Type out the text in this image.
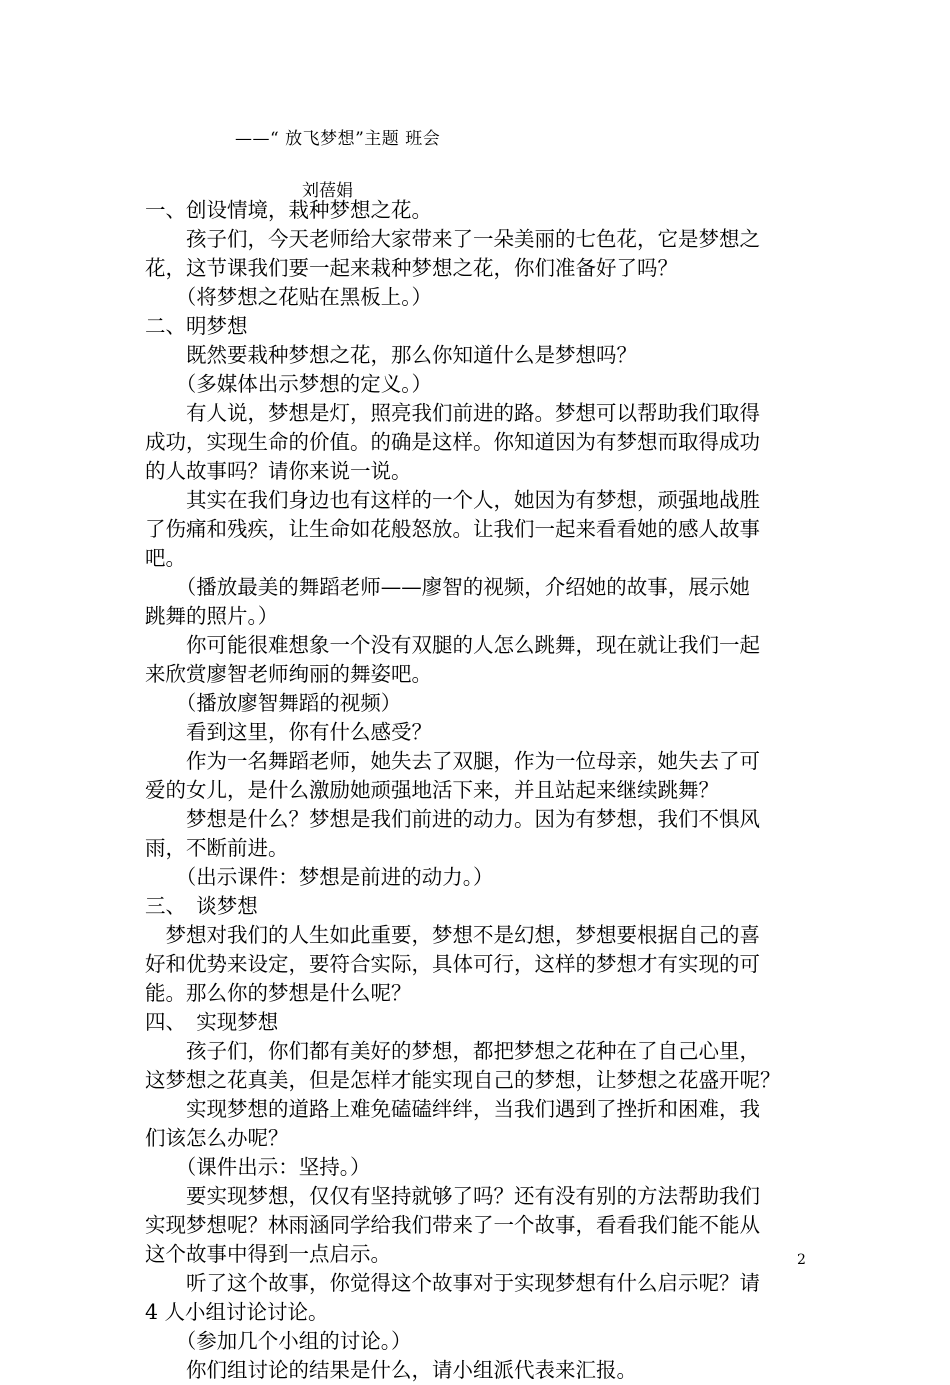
——“ 放飞梦想”主题 班会
刘蓓娟
一、创设情境，栽种梦想之花。
　　孩子们，今天老师给大家带来了一朵美丽的七色花，它是梦想之
花，这节课我们要一起来栽种梦想之花，你们准备好了吗？
　　（将梦想之花贴在黑板上。）
二、明梦想
　　既然要栽种梦想之花，那么你知道什么是梦想吗？
　　（多媒体出示梦想的定义。）
　　有人说，梦想是灯，照亮我们前进的路。梦想可以帮助我们取得
成功，实现生命的价值。的确是这样。你知道因为有梦想而取得成功
的人故事吗？请你来说一说。
　　其实在我们身边也有这样的一个人，她因为有梦想，顽强地战胜
了伤痛和残疾，让生命如花般怒放。让我们一起来看看她的感人故事
吧。
　　（播放最美的舞蹈老师——廖智的视频，介绍她的故事，展示她
跳舞的照片。）
　　你可能很难想象一个没有双腿的人怎么跳舞，现在就让我们一起
来欣赏廖智老师绚丽的舞姿吧。
　　（播放廖智舞蹈的视频）
　　看到这里，你有什么感受？
　　作为一名舞蹈老师，她失去了双腿，作为一位母亲，她失去了可
爱的女儿，是什么激励她顽强地活下来，并且站起来继续跳舞？
　　梦想是什么？梦想是我们前进的动力。因为有梦想，我们不惧风
雨，不断前进。
　　（出示课件：梦想是前进的动力。）
三、　谈梦想
　梦想对我们的人生如此重要，梦想不是幻想，梦想要根据自己的喜
好和优势来设定，要符合实际，具体可行，这样的梦想才有实现的可
能。那么你的梦想是什么呢？
四、　实现梦想
　　孩子们，你们都有美好的梦想，都把梦想之花种在了自己心里，
这梦想之花真美，但是怎样才能实现自己的梦想，让梦想之花盛开呢？
　　实现梦想的道路上难免磕磕绊绊，当我们遇到了挫折和困难，我
们该怎么办呢？
　　（课件出示：坚持。）
　　要实现梦想，仅仅有坚持就够了吗？还有没有别的方法帮助我们
实现梦想呢？林雨涵同学给我们带来了一个故事，看看我们能不能从
这个故事中得到一点启示。
　　听了这个故事，你觉得这个故事对于实现梦想有什么启示呢？请
4 人小组讨论讨论。
　　（参加几个小组的讨论。）
　　你们组讨论的结果是什么，请小组派代表来汇报。
2
